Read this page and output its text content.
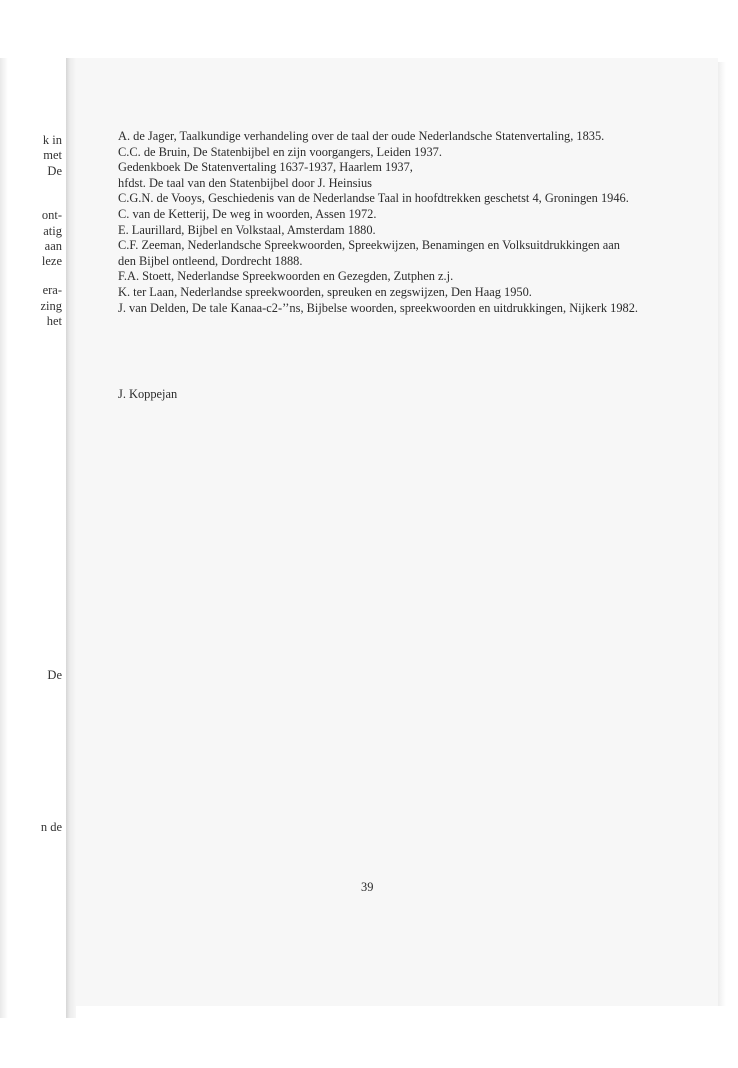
k in
met
De
ont-
atig
aan
leze
era-
zing
het
De
n de
A. de Jager, Taalkundige verhandeling over de taal der oude Nederlandsche Statenvertaling, 1835.
C.C. de Bruin, De Statenbijbel en zijn voorgangers, Leiden 1937.
Gedenkboek De Statenvertaling 1637-1937, Haarlem 1937,
hfdst. De taal van den Statenbijbel door J. Heinsius
C.G.N. de Vooys, Geschiedenis van de Nederlandse Taal in hoofdtrekken geschetst 4, Groningen 1946.
C. van de Ketterij, De weg in woorden, Assen 1972.
E. Laurillard, Bijbel en Volkstaal, Amsterdam 1880.
C.F. Zeeman, Nederlandsche Spreekwoorden, Spreekwijzen, Benamingen en Volksuitdrukkingen aan den Bijbel ontleend, Dordrecht 1888.
F.A. Stoett, Nederlandse Spreekwoorden en Gezegden, Zutphen z.j.
K. ter Laan, Nederlandse spreekwoorden, spreuken en zegswijzen, Den Haag 1950.
J. van Delden, De tale Kanaa-c2-’’ns, Bijbelse woorden, spreekwoorden en uitdrukkingen, Nijkerk 1982.

J. Koppejan

39
